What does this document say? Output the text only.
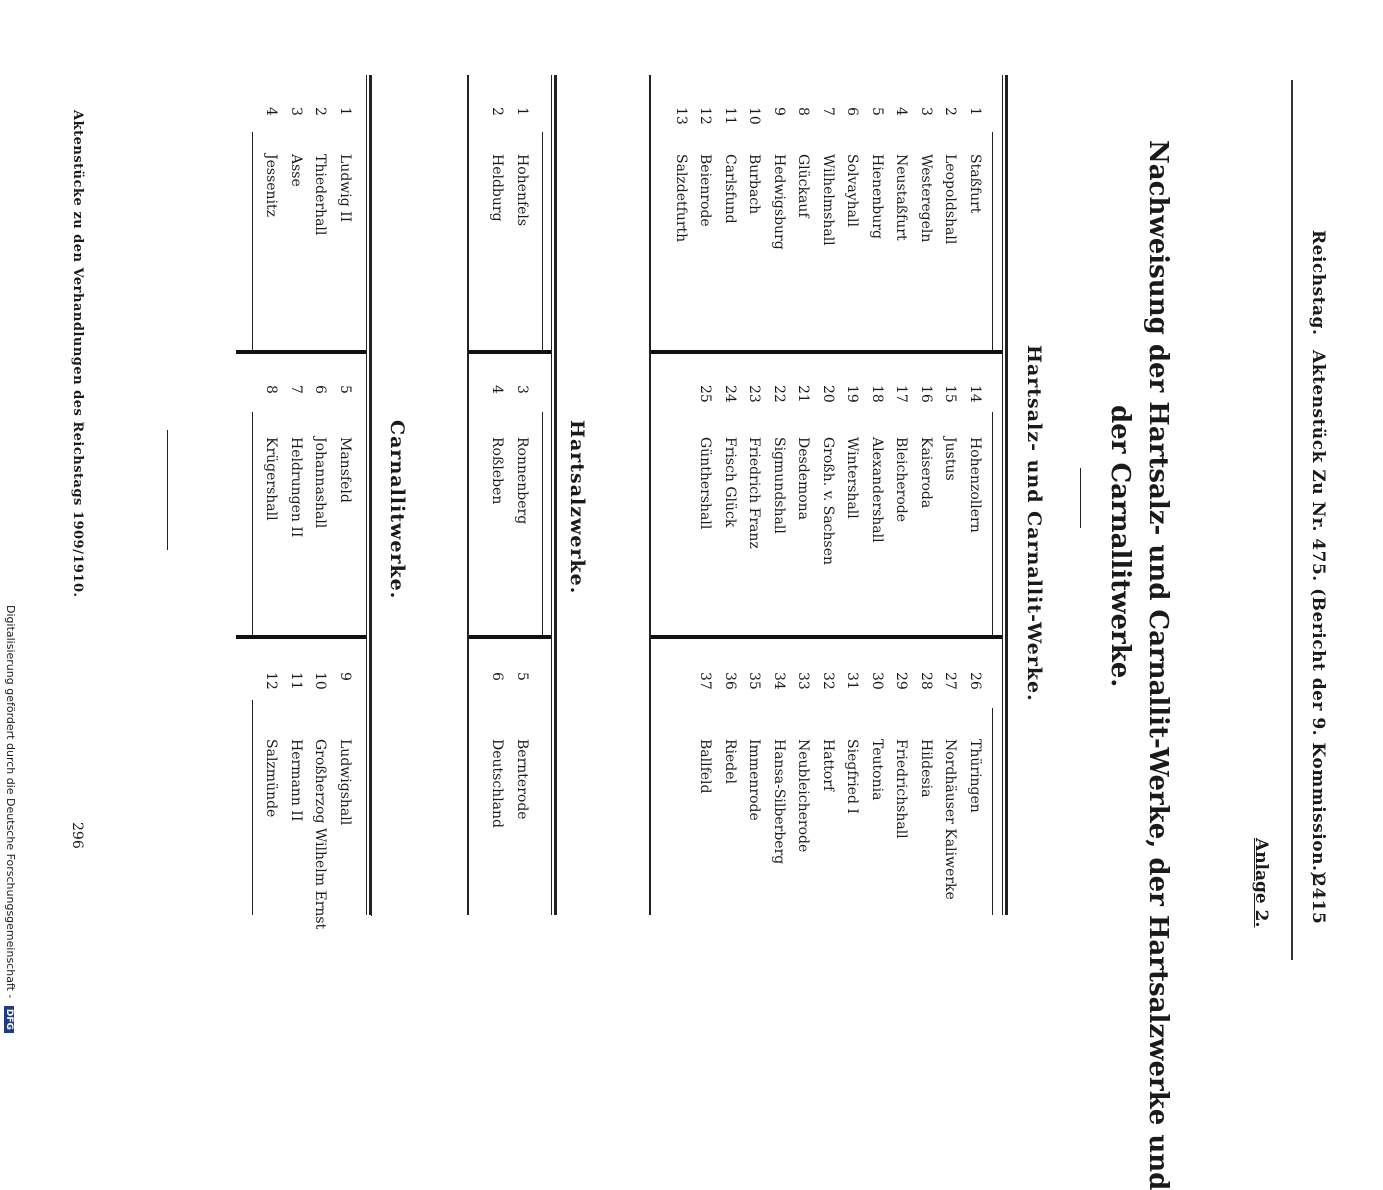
Reichstag.
Aktenstück Zu Nr. 475. (Bericht der 9. Kommission.)
2415
Anlage 2.
Nachweisung der Hartsalz- und Carnallit-Werke, der Hartsalzwerke und
der Carnallitwerke.
Hartsalz- und Carnallit-Werke.
1
Staßfurt
2
Leopoldshall
3
Westeregeln
4
Neustaßfurt
5
Hienenburg
6
Solvayhall
7
Wilhelmshall
8
Glückauf
9
Hedwigsburg
10
Burbach
11
Carlsfund
12
Beienrode
13
Salzdetfurth
14
Hohenzollern
15
Justus
16
Kaiseroda
17
Bleicherode
18
Alexandershall
19
Wintershall
20
Großh. v. Sachsen
21
Desdemona
22
Sigmundshall
23
Friedrich Franz
24
Frisch Glück
25
Günthershall
26
Thüringen
27
Nordhäuser Kaliwerke
28
Hildesia
29
Friedrichshall
30
Teutonia
31
Siegfried I
32
Hattorf
33
Neubleicherode
34
Hansa-Silberberg
35
Immenrode
36
Riedel
37
Ballfeld
Hartsalzwerke.
1
Hohenfels
2
Heldburg
3
Ronnenberg
4
Roßleben
5
Bernterode
6
Deutschland
Carnallitwerke.
1
Ludwig II
2
Thiederhall
3
Asse
4
Jessenitz
5
Mansfeld
6
Johannashall
7
Heldrungen II
8
Krügershall
9
Ludwigshall
10
Großherzog Wilhelm Ernst
11
Hermann II
12
Salzmünde
Aktenstücke zu den Verhandlungen des Reichstags 1909/1910.
296
Digitalisierung gefördert durch die Deutsche Forschungsgemeinschaft - DFG
